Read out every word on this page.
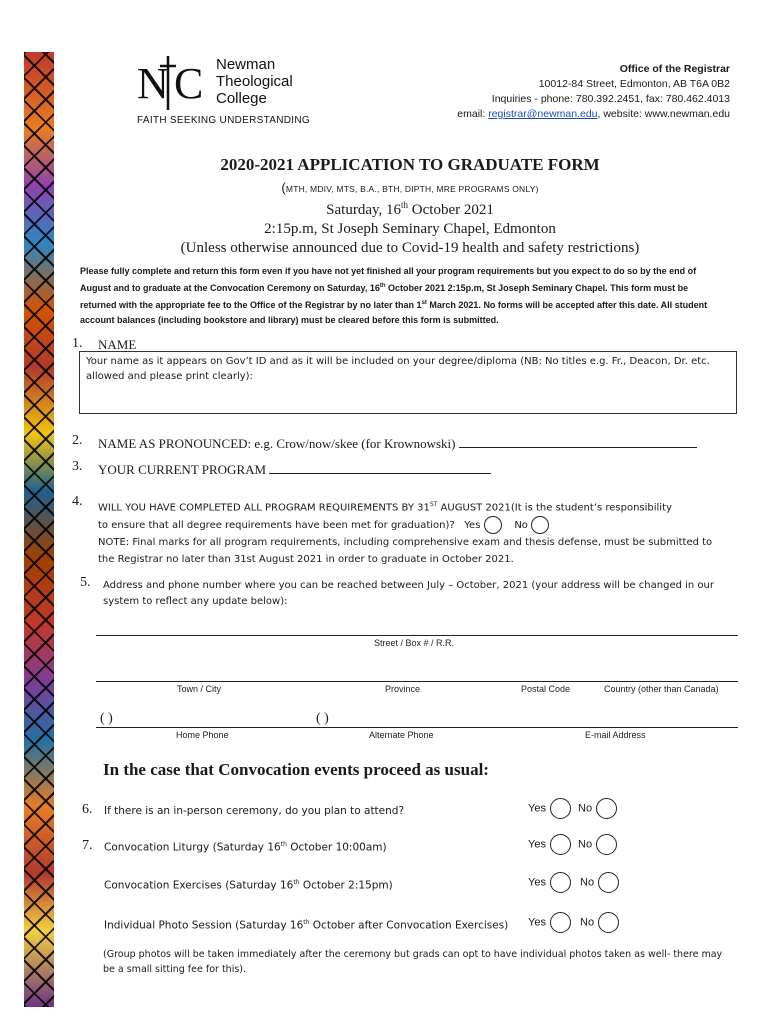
N C Newman
Theological
College
FAITH SEEKING UNDERSTANDING
Office of the Registrar
10012-84 Street, Edmonton, AB T6A 0B2
Inquiries - phone: 780.392.2451, fax: 780.462.4013
email: registrar@newman.edu, website: www.newman.edu
2020-2021 APPLICATION TO GRADUATE FORM
(MTH, MDIV, MTS, B.A., BTH, DIPTH, MRE PROGRAMS ONLY)
Saturday, 16th October 2021
2:15p.m, St Joseph Seminary Chapel, Edmonton
(Unless otherwise announced due to Covid-19 health and safety restrictions)
Please fully complete and return this form even if you have not yet finished all your program requirements but you expect to do so by the end of August and to graduate at the Convocation Ceremony on Saturday, 16th October 2021 2:15p.m, St Joseph Seminary Chapel. This form must be returned with the appropriate fee to the Office of the Registrar by no later than 1st March 2021. No forms will be accepted after this date. All student account balances (including bookstore and library) must be cleared before this form is submitted.
1. NAME
Your name as it appears on Gov’t ID and as it will be included on your degree/diploma (NB: No titles e.g. Fr., Deacon, Dr. etc. allowed and please print clearly):
2. NAME AS PRONOUNCED: e.g. Crow/now/skee (for Krownowski)
3. YOUR CURRENT PROGRAM
4. WILL YOU HAVE COMPLETED ALL PROGRAM REQUIREMENTS BY 31ST AUGUST 2021(It is the student’s responsibility to ensure that all degree requirements have been met for graduation)? Yes	No
NOTE: Final marks for all program requirements, including comprehensive exam and thesis defense, must be submitted to the Registrar no later than 31st August 2021 in order to graduate in October 2021.
5. Address and phone number where you can be reached between July – October, 2021 (your address will be changed in our system to reflect any update below):
Street / Box # / R.R.
Town / City	Province	Postal Code	Country (other than Canada)
( )	( )
Home Phone	Alternate Phone	E-mail Address
In the case that Convocation events proceed as usual:
6. If there is an in-person ceremony, do you plan to attend?	Yes	No
7. Convocation Liturgy (Saturday 16th October 10:00am)	Yes	No
Convocation Exercises (Saturday 16th October 2:15pm)	Yes	No
Individual Photo Session (Saturday 16th October after Convocation Exercises) Yes	No
(Group photos will be taken immediately after the ceremony but grads can opt to have individual photos taken as well- there may be a small sitting fee for this).
